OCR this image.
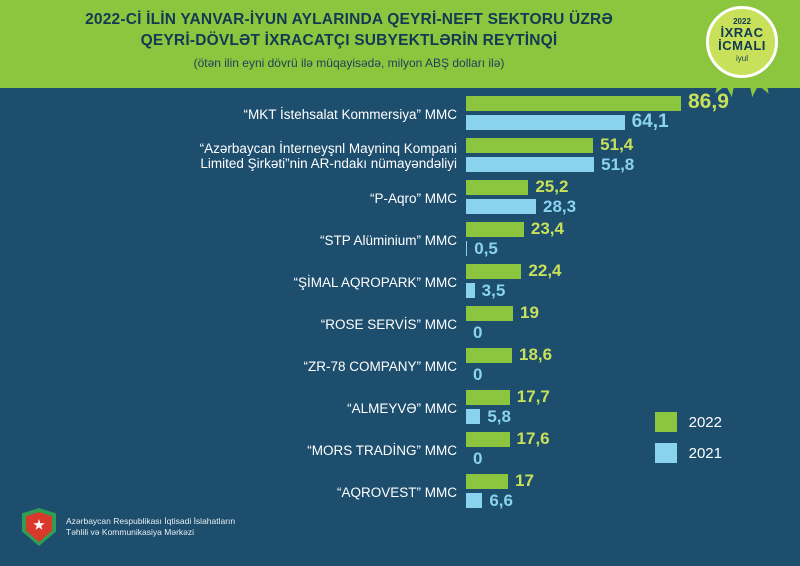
2022-Cİ İLİN YANVAR-İYUN AYLARINDA QEYRİ-NEFT SEKTORU ÜZRƏ
QEYRİ-DÖVLƏT İXRACATÇI SUBYEKTLƏRİN REYTİNQİ
(ötən ilin eyni dövrü ilə müqayisədə, milyon ABŞ dolları ilə)
2022
İXRAC
İCMALI
iyul
“MKT İstehsalat Kommersiya” MMC
86,9
64,1
“Azərbaycan İnterneyşnl Mayninq Kompani
Limited Şirkəti”nin AR-ndakı nümayəndəliyi
51,4
51,8
“P-Aqro” MMC
25,2
28,3
“STP Alüminium” MMC
23,4
0,5
“ŞİMAL AQROPARK” MMC
22,4
3,5
“ROSE SERVİS” MMC
19
0
“ZR-78 COMPANY” MMC
18,6
0
“ALMEYVƏ” MMC
17,7
5,8
“MORS TRADİNG” MMC
17,6
0
“AQROVEST” MMC
17
6,6
2022
2021
Azərbaycan Respublikası İqtisadi İslahatların
Təhlili və Kommunikasiya Mərkəzi
